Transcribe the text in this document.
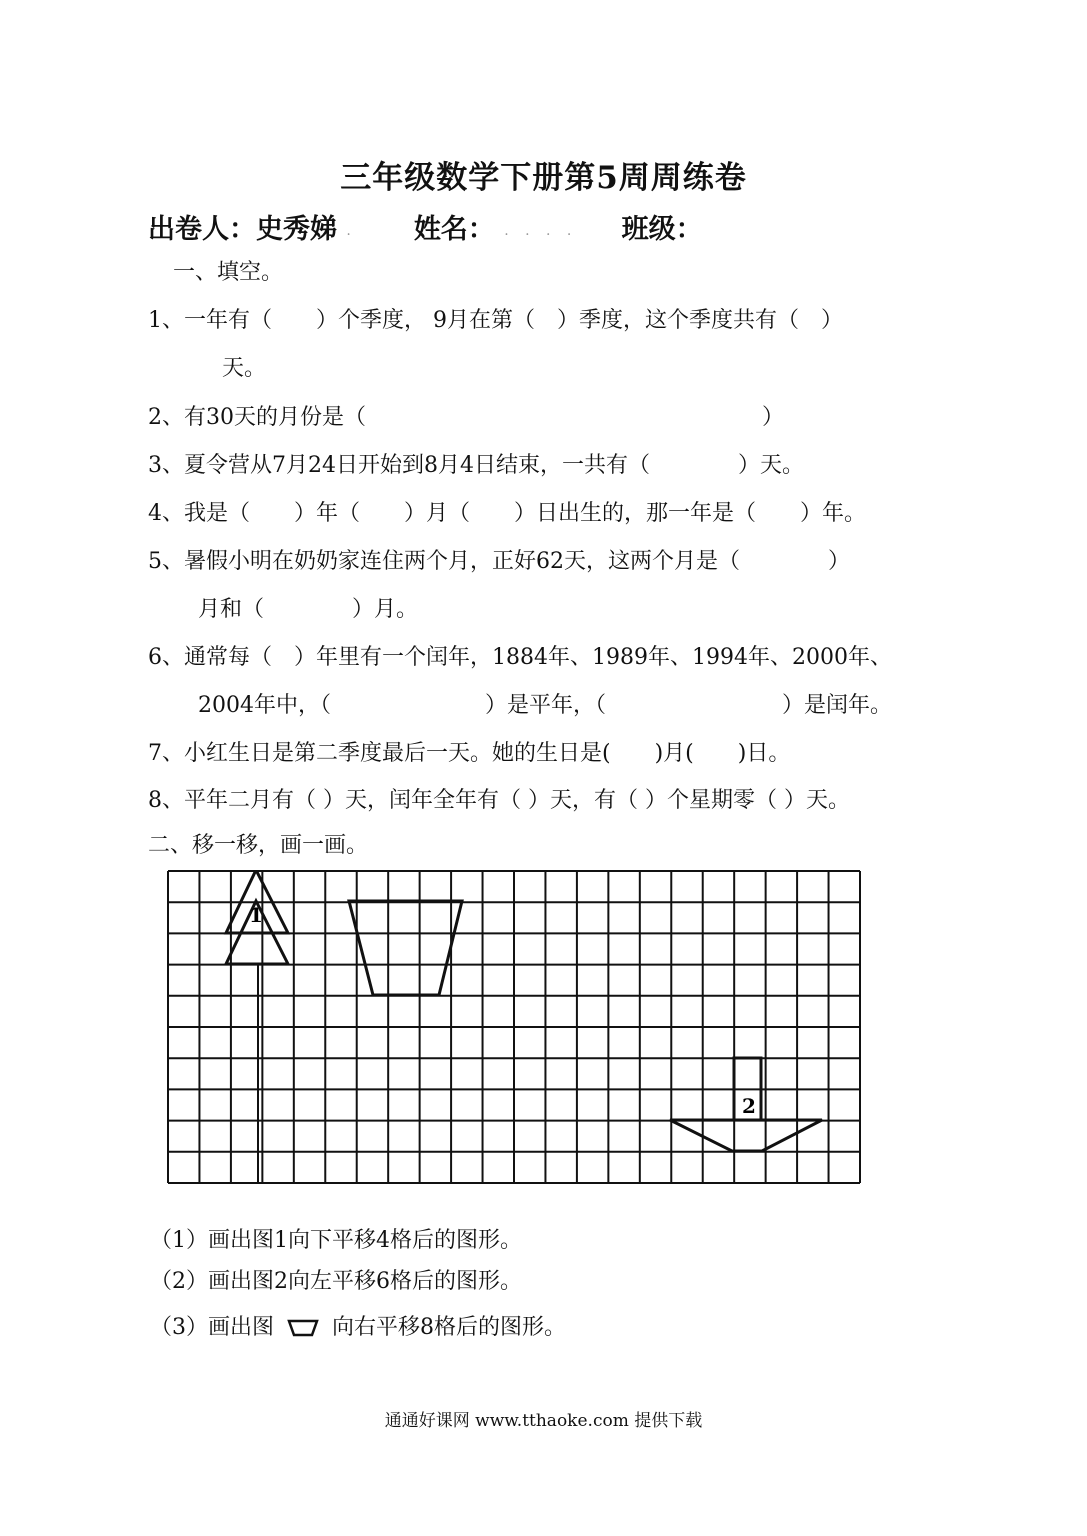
三年级数学下册第5周周练卷
出卷人：史秀娣 . 姓名： . . . . 班级：
一、填空。
1、一年有（　　）个季度， 9月在第（　）季度，这个季度共有（　）
天。
2、有30天的月份是（　　　　　　　　　　　　　　　　　　）
3、夏令营从7月24日开始到8月4日结束，一共有（　　　　）天。
4、我是（　　）年（　　）月（　　）日出生的，那一年是（　　）年。
5、暑假小明在奶奶家连住两个月，正好62天，这两个月是（　　　　）
月和（　　　　）月。
6、通常每（　）年里有一个闰年，1884年、1989年、1994年、2000年、
2004年中，（　　　　　　　）是平年，（　　　　　　　　）是闰年。
7、小红生日是第二季度最后一天。她的生日是(　　)月(　　)日。
8、平年二月有（ ）天，闰年全年有（ ）天，有（ ）个星期零（ ）天。
二、移一移，画一画。
1
2
（1）画出图1向下平移4格后的图形。
（2）画出图2向左平移6格后的图形。
（3）画出图	向右平移8格后的图形。
通通好课网 www.tthaoke.com 提供下载
